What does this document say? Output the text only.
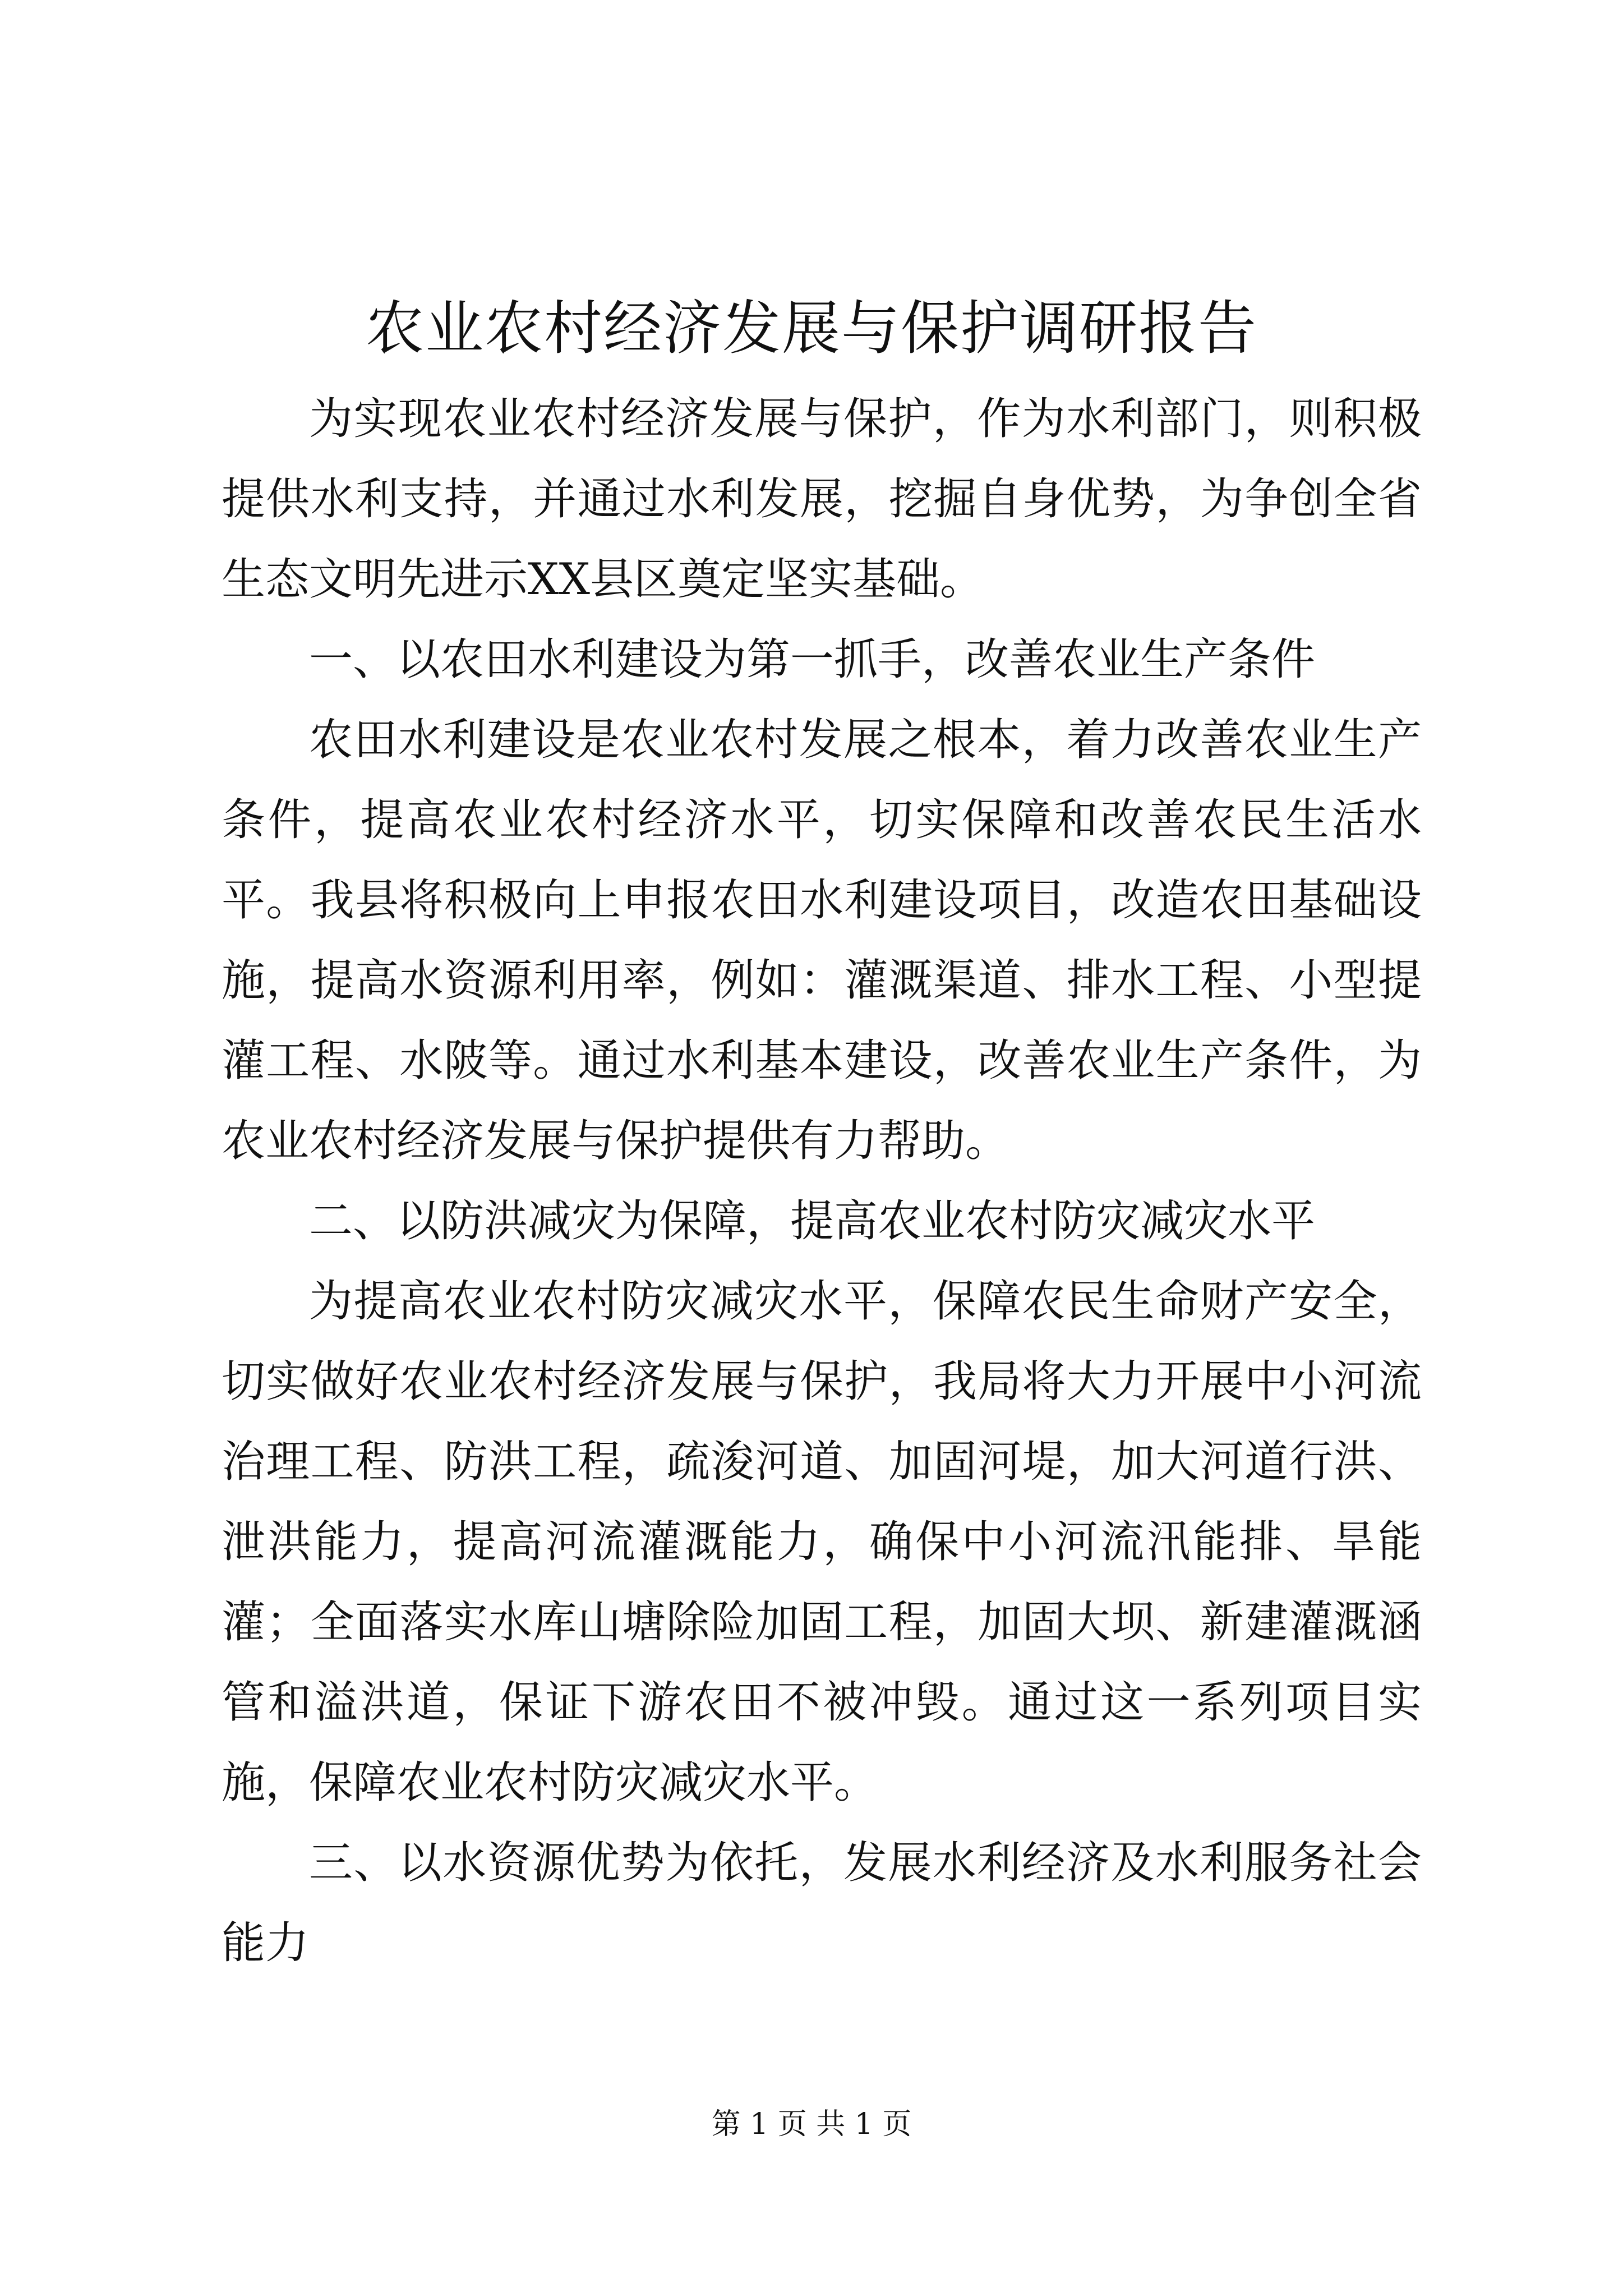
农业农村经济发展与保护调研报告

为实现农业农村经济发展与保护，作为水利部门，则积极提供水利支持，并通过水利发展，挖掘自身优势，为争创全省生态文明先进示XX县区奠定坚实基础。

一、以农田水利建设为第一抓手，改善农业生产条件

农田水利建设是农业农村发展之根本，着力改善农业生产条件，提高农业农村经济水平，切实保障和改善农民生活水平。我县将积极向上申报农田水利建设项目，改造农田基础设施，提高水资源利用率，例如：灌溉渠道、排水工程、小型提灌工程、水陂等。通过水利基本建设，改善农业生产条件，为农业农村经济发展与保护提供有力帮助。

二、以防洪减灾为保障，提高农业农村防灾减灾水平

为提高农业农村防灾减灾水平，保障农民生命财产安全，切实做好农业农村经济发展与保护，我局将大力开展中小河流治理工程、防洪工程，疏浚河道、加固河堤，加大河道行洪、泄洪能力，提高河流灌溉能力，确保中小河流汛能排、旱能灌；全面落实水库山塘除险加固工程，加固大坝、新建灌溉涵管和溢洪道，保证下游农田不被冲毁。通过这一系列项目实施，保障农业农村防灾减灾水平。

三、以水资源优势为依托，发展水利经济及水利服务社会能力

第 1 页 共 1 页
